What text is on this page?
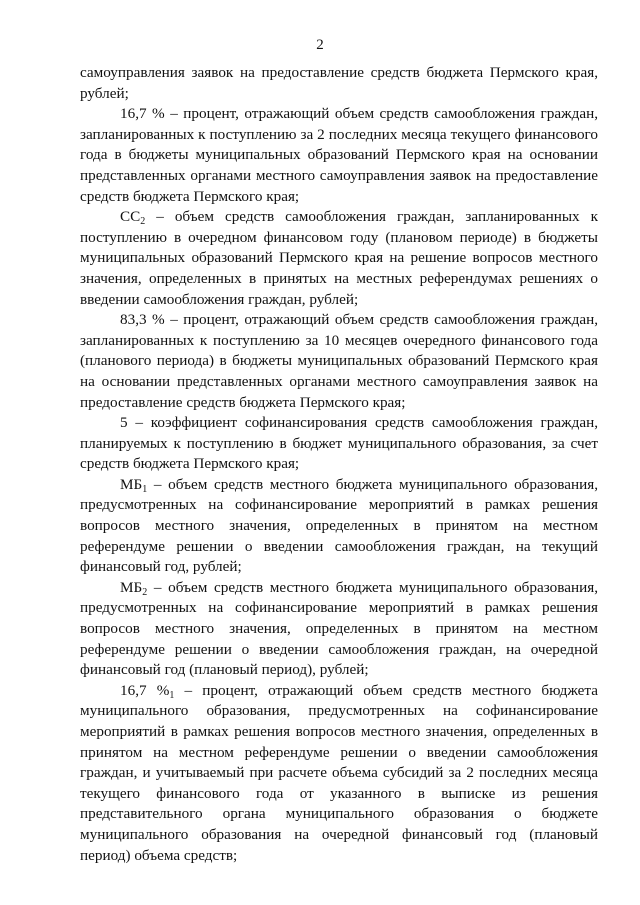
2

самоуправления заявок на предоставление средств бюджета Пермского края, рублей;

16,7 % – процент, отражающий объем средств самообложения граждан, запланированных к поступлению за 2 последних месяца текущего финансового года в бюджеты муниципальных образований Пермского края на основании представленных органами местного самоуправления заявок на предоставление средств бюджета Пермского края;

$СС_2$ – объем средств самообложения граждан, запланированных к поступлению в очередном финансовом году (плановом периоде) в бюджеты муниципальных образований Пермского края на решение вопросов местного значения, определенных в принятых на местных референдумах решениях о введении самообложения граждан, рублей;

83,3 % – процент, отражающий объем средств самообложения граждан, запланированных к поступлению за 10 месяцев очередного финансового года (планового периода) в бюджеты муниципальных образований Пермского края на основании представленных органами местного самоуправления заявок на предоставление средств бюджета Пермского края;

5 – коэффициент софинансирования средств самообложения граждан, планируемых к поступлению в бюджет муниципального образования, за счет средств бюджета Пермского края;

$МБ_1$ – объем средств местного бюджета муниципального образования, предусмотренных на софинансирование мероприятий в рамках решения вопросов местного значения, определенных в принятом на местном референдуме решении о введении самообложения граждан, на текущий финансовый год, рублей;

$МБ_2$ – объем средств местного бюджета муниципального образования, предусмотренных на софинансирование мероприятий в рамках решения вопросов местного значения, определенных в принятом на местном референдуме решении о введении самообложения граждан, на очередной финансовый год (плановый период), рублей;

16,7 $\%_1$ – процент, отражающий объем средств местного бюджета муниципального образования, предусмотренных на софинансирование мероприятий в рамках решения вопросов местного значения, определенных в принятом на местном референдуме решении о введении самообложения граждан, и учитываемый при расчете объема субсидий за 2 последних месяца текущего финансового года от указанного в выписке из решения представительного органа муниципального образования о бюджете муниципального образования на очередной финансовый год (плановый период) объема средств;
